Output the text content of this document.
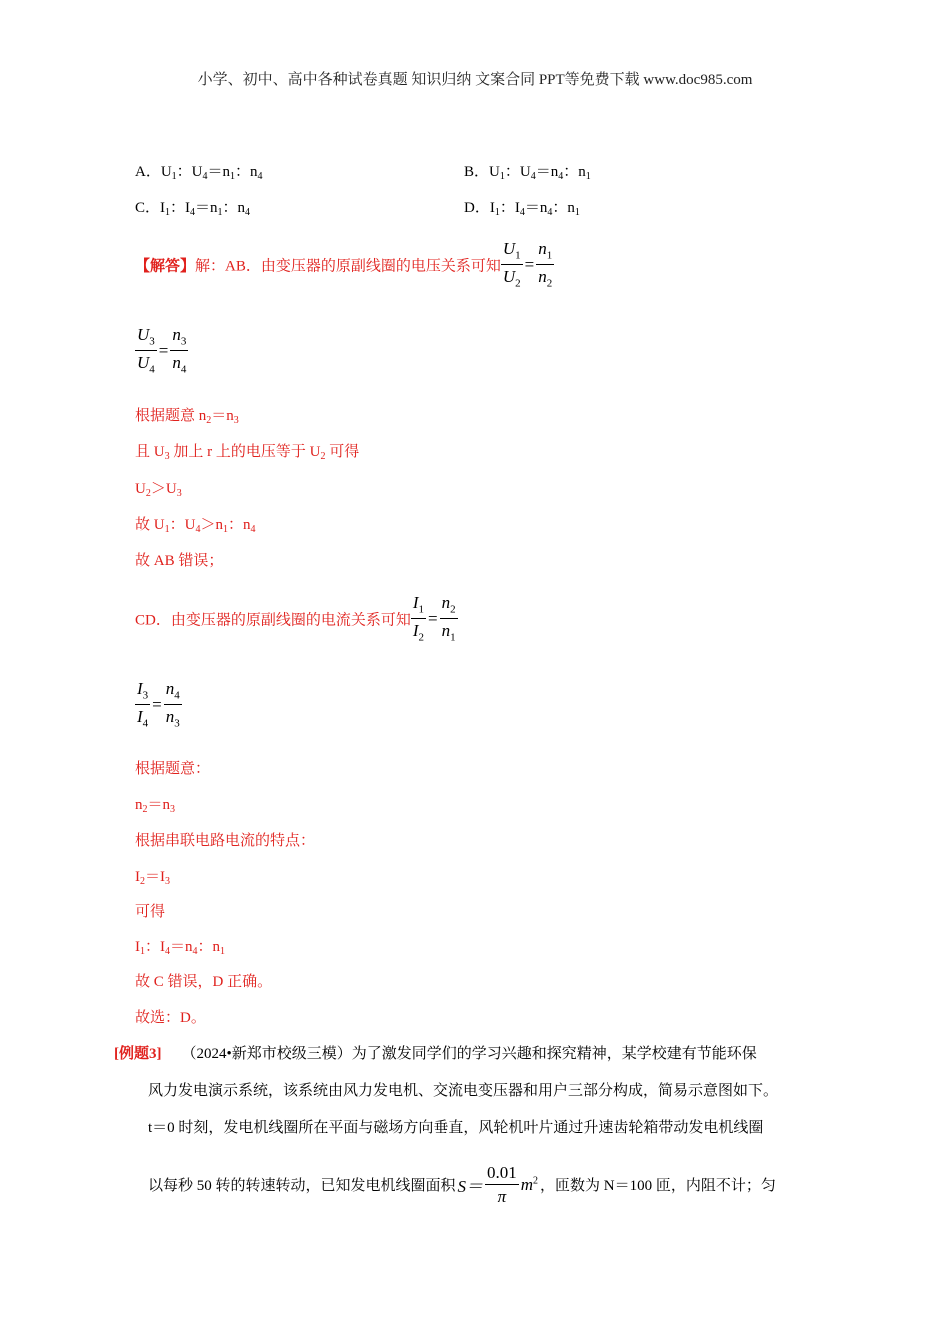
小学、初中、高中各种试卷真题 知识归纳 文案合同 PPT等免费下载 www.doc985.com
A．$U_1$：$U_4=n_1$：$n_4$	B．$U_1$：$U_4=n_4$：$n_1$
C．$I_1$：$I_4=n_1$：$n_4$	D．$I_1$：$I_4=n_4$：$n_1$
【解答】解：AB．由变压器的原副线圈的电压关系可知 $\frac{U_1}{U_2} = \frac{n_1}{n_2}$
$\frac{U_3}{U_4} = \frac{n_3}{n_4}$
根据题意 $n_2=n_3$
且 $U_3$ 加上 r 上的电压等于 $U_2$ 可得
$U_2>U_3$
故 $U_1$：$U_4>n_1$：$n_4$
故 AB 错误；
CD．由变压器的原副线圈的电流关系可知 $\frac{I_1}{I_2} = \frac{n_2}{n_1}$
$\frac{I_3}{I_4} = \frac{n_4}{n_3}$
根据题意：
$n_2=n_3$
根据串联电路电流的特点：
$I_2=I_3$
可得
$I_1$：$I_4=n_4$：$n_1$
故 C 错误，D 正确。
故选：D。
[例题3] （2024•新郑市校级三模）为了激发同学们的学习兴趣和探究精神，某学校建有节能环保
风力发电演示系统，该系统由风力发电机、交流电变压器和用户三部分构成，简易示意图如下。
t＝0 时刻，发电机线圈所在平面与磁场方向垂直，风轮机叶片通过升速齿轮箱带动发电机线圈
以每秒 50 转的转速转动，已知发电机线圈面积 $S= \frac{0.01}{\pi} m^2$ ，匝数为 N＝100 匝，内阻不计；匀
